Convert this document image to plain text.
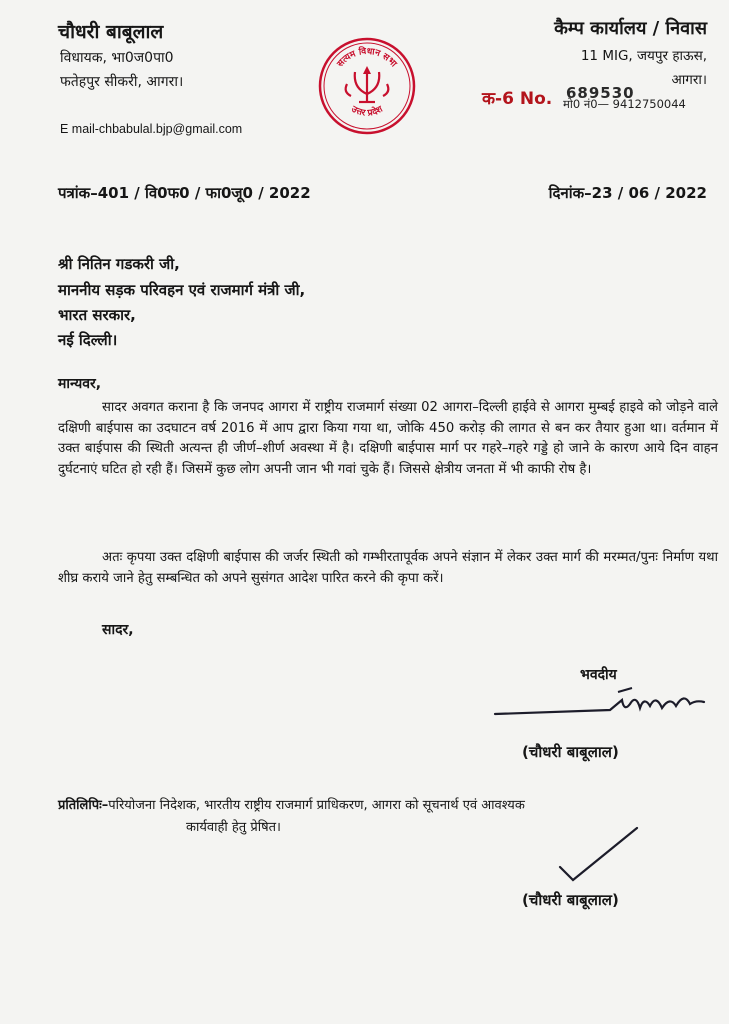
चौधरी बाबूलाल
विधायक, भा0ज0पा0
फतेहपुर सीकरी, आगरा।
E mail-chbabulal.bjp@gmail.com
सत्यम विधान सभा
उत्तर प्रदेश
कैम्प कार्यालय / निवास
11 MIG, जयपुर हाऊस,
आगरा।
क-6 No. 689530
मो0 नं0— 9412750044
पत्रांक–401 / वि0फ0 / फा0जू0 / 2022	दिनांक–23 / 06 / 2022
श्री नितिन गडकरी जी,
माननीय सड़क परिवहन एवं राजमार्ग मंत्री जी,
भारत सरकार,
नई दिल्ली।
मान्यवर,
सादर अवगत कराना है कि जनपद आगरा में राष्ट्रीय राजमार्ग संख्या 02 आगरा–दिल्ली हाईवे से आगरा मुम्बई हाइवे को जोड़ने वाले दक्षिणी बाईपास का उदघाटन वर्ष 2016 में आप द्वारा किया गया था, जोकि 450 करोड़ की लागत से बन कर तैयार हुआ था। वर्तमान में उक्त बाईपास की स्थिती अत्यन्त ही जीर्ण–शीर्ण अवस्था में है। दक्षिणी बाईपास मार्ग पर गहरे–गहरे गड्डे हो जाने के कारण आये दिन वाहन दुर्घटनाएं घटित हो रही हैं। जिसमें कुछ लोग अपनी जान भी गवां चुके हैं। जिससे क्षेत्रीय जनता में भी काफी रोष है।
अतः कृपया उक्त दक्षिणी बाईपास की जर्जर स्थिती को गम्भीरतापूर्वक अपने संज्ञान में लेकर उक्त मार्ग की मरम्मत/पुनः निर्माण यथा शीघ्र कराये जाने हेतु सम्बन्धित को अपने सुसंगत आदेश पारित करने की कृपा करें।
सादर,
भवदीय
(चौधरी बाबूलाल)
प्रतिलिपिः–परियोजना निदेशक, भारतीय राष्ट्रीय राजमार्ग प्राधिकरण, आगरा को सूचनार्थ एवं आवश्यक
कार्यवाही हेतु प्रेषित।
(चौधरी बाबूलाल)
